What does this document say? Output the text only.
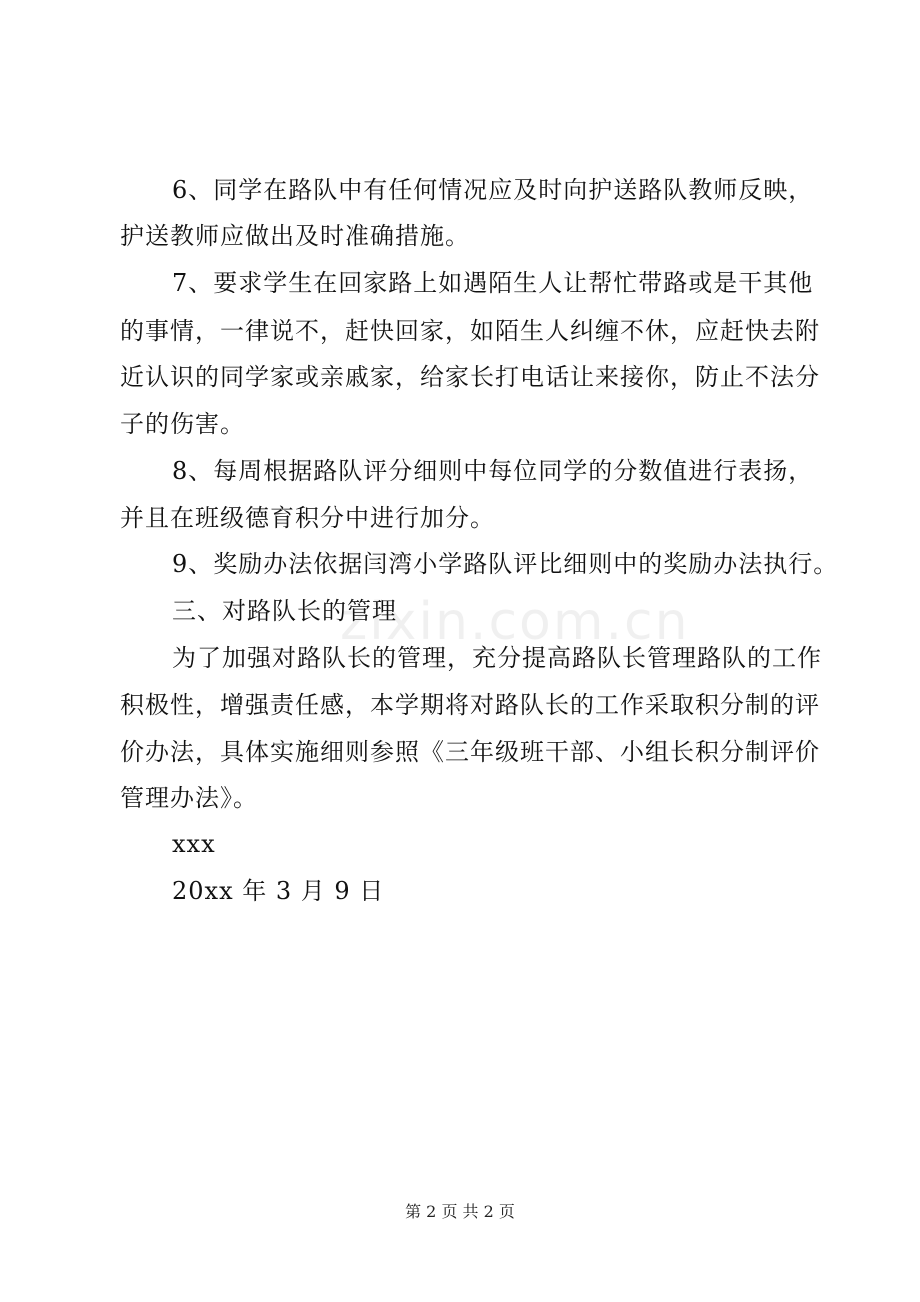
zixin.com.cn
6、同学在路队中有任何情况应及时向护送路队教师反映，
护送教师应做出及时准确措施。
7、要求学生在回家路上如遇陌生人让帮忙带路或是干其他
的事情，一律说不，赶快回家，如陌生人纠缠不休，应赶快去附
近认识的同学家或亲戚家，给家长打电话让来接你，防止不法分
子的伤害。
8、每周根据路队评分细则中每位同学的分数值进行表扬，
并且在班级德育积分中进行加分。
9、奖励办法依据闫湾小学路队评比细则中的奖励办法执行。
三、对路队长的管理
为了加强对路队长的管理，充分提高路队长管理路队的工作
积极性，增强责任感，本学期将对路队长的工作采取积分制的评
价办法，具体实施细则参照《三年级班干部、小组长积分制评价
管理办法》。
xxx
20xx 年 3 月 9 日
第 2 页 共 2 页
